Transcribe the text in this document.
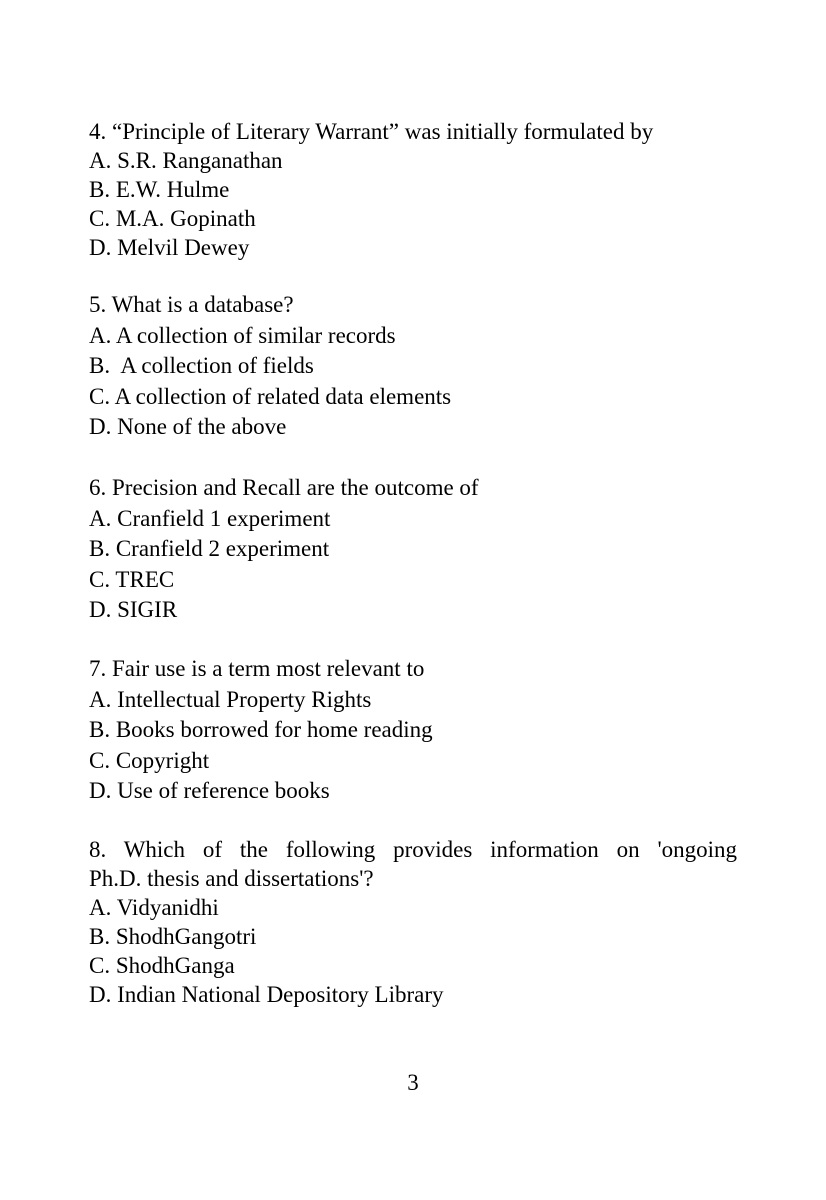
4. “Principle of Literary Warrant” was initially formulated by

A. S.R. Ranganathan
B. E.W. Hulme
C. M.A. Gopinath
D. Melvil Dewey

5. What is a database?

A. A collection of similar records
B.  A collection of fields
C. A collection of related data elements
D. None of the above

6. Precision and Recall are the outcome of

A. Cranfield 1 experiment
B. Cranfield 2 experiment
C. TREC
D. SIGIR

7. Fair use is a term most relevant to

A. Intellectual Property Rights
B. Books borrowed for home reading
C. Copyright
D. Use of reference books

8. Which of the following provides information on 'ongoing

Ph.D. thesis and dissertations'?

A. Vidyanidhi
B. ShodhGangotri
C. ShodhGanga
D. Indian National Depository Library
3
